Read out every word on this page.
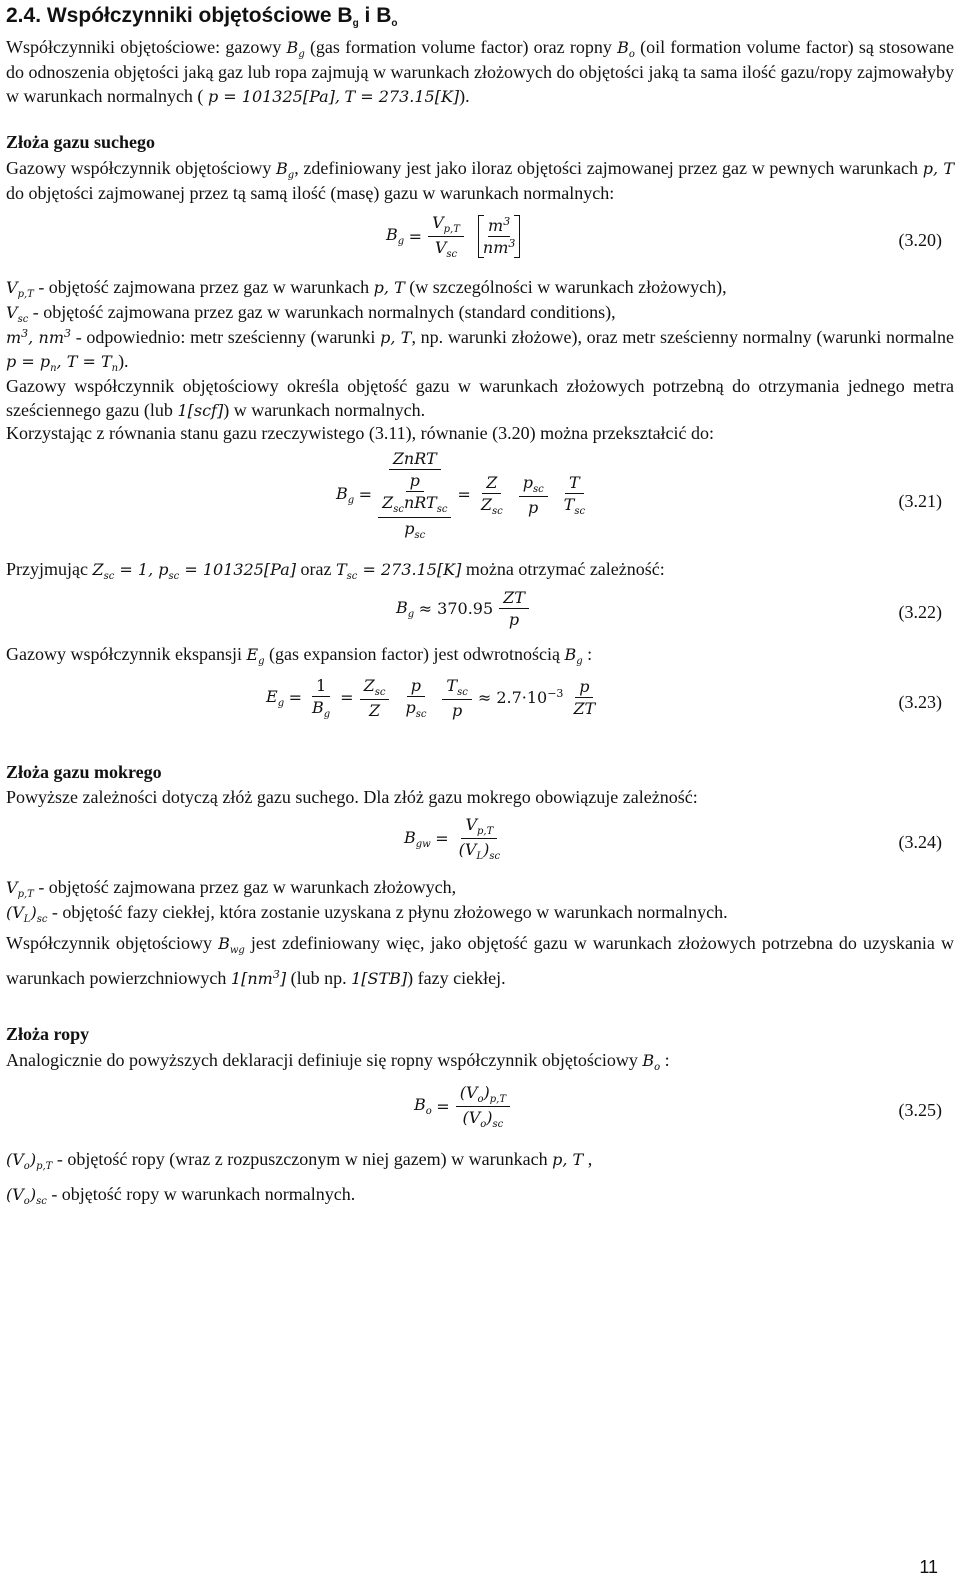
2.4. Współczynniki objętościowe $B_g$ i $B_o$

Współczynniki objętościowe: gazowy $B_g$ (gas formation volume factor) oraz ropny $B_o$ (oil formation volume factor) są stosowane do odnoszenia objętości jaką gaz lub ropa zajmują w warunkach złożowych do objętości jaką ta sama ilość gazu/ropy zajmowałyby w warunkach normalnych ( p = 101325[Pa], T = 273.15[K]).

Złoża gazu suchego

Gazowy współczynnik objętościowy $B_g$, zdefiniowany jest jako iloraz objętości zajmowanej przez gaz w pewnych warunkach p, T do objętości zajmowanej przez tą samą ilość (masę) gazu w warunkach normalnych:

$B_g$
= $\frac{V_{p,T}}{V_{sc}} m^3$
$nm^3$	(3.20)

$V_{p,T}$ - objętość zajmowana przez gaz w warunkach p, T (w szczególności w warunkach złożowych),

$V_{sc}$ - objętość zajmowana przez gaz w warunkach normalnych (standard conditions),

$m^3$, $nm^3$ - odpowiednio: metr sześcienny (warunki p, T, np. warunki złożowe), oraz metr sześcienny normalny (warunki normalne $p = p_n$, $T = T_n$).

Gazowy współczynnik objętościowy określa objętość gazu w warunkach złożowych potrzebną do otrzymania jednego metra sześciennego gazu (lub 1[scf]) w warunkach normalnych.

Korzystając z równania stanu gazu rzeczywistego (3.11), równanie (3.20) można przekształcić do:

$B_g$
=
ZnRT
p
$Z_{sc}nRT_{sc}$
$p_{sc}$
= $\frac{Z}{Z_{sc}} \frac{p_{sc}}{p} \frac{T}{T_{sc}}$	(3.21)

Przyjmując $Z_{sc} = 1$, $p_{sc} = 101325[Pa]$ oraz $T_{sc} = 273.15[K]$ można otrzymać zależność:

$B_g$
≈ $370.95 \frac{ZT}{p}$	(3.22)

Gazowy współczynnik ekspansji $E_g$ (gas expansion factor) jest odwrotnością $B_g$ :

$E_g$
= $\frac{1}{B_g} = \frac{Z_{sc}}{Z} \frac{p}{p_{sc}} \frac{T_{sc}}{p} \approx 2.7\cdot 10^{-3} \frac{p}{ZT}$	(3.23)
Złoża gazu mokrego

Powyższe zależności dotyczą złóż gazu suchego. Dla złóż gazu mokrego obowiązuje zależność:

$B_{gw}$
= $\frac{V_{p,T}}{(V_L)_{sc}}$	(3.24)

$V_{p,T}$ - objętość zajmowana przez gaz w warunkach złożowych,

$(V_L)_{sc}$ - objętość fazy ciekłej, która zostanie uzyskana z płynu złożowego w warunkach normalnych.

Współczynnik objętościowy $B_{wg}$ jest zdefiniowany więc, jako objętość gazu w warunkach złożowych potrzebna do uzyskania w warunkach powierzchniowych $1[nm^3]$ (lub np. 1[STB]) fazy ciekłej.

Złoża ropy

Analogicznie do powyższych deklaracji definiuje się ropny współczynnik objętościowy $B_o$ :

$B_o$
= $\frac{(V_o)_{p,T}}{(V_o)_{sc}}$	(3.25)

$(V_o)_{p,T}$ - objętość ropy (wraz z rozpuszczonym w niej gazem) w warunkach p, T ,

$(V_o)_{sc}$ - objętość ropy w warunkach normalnych.

11
